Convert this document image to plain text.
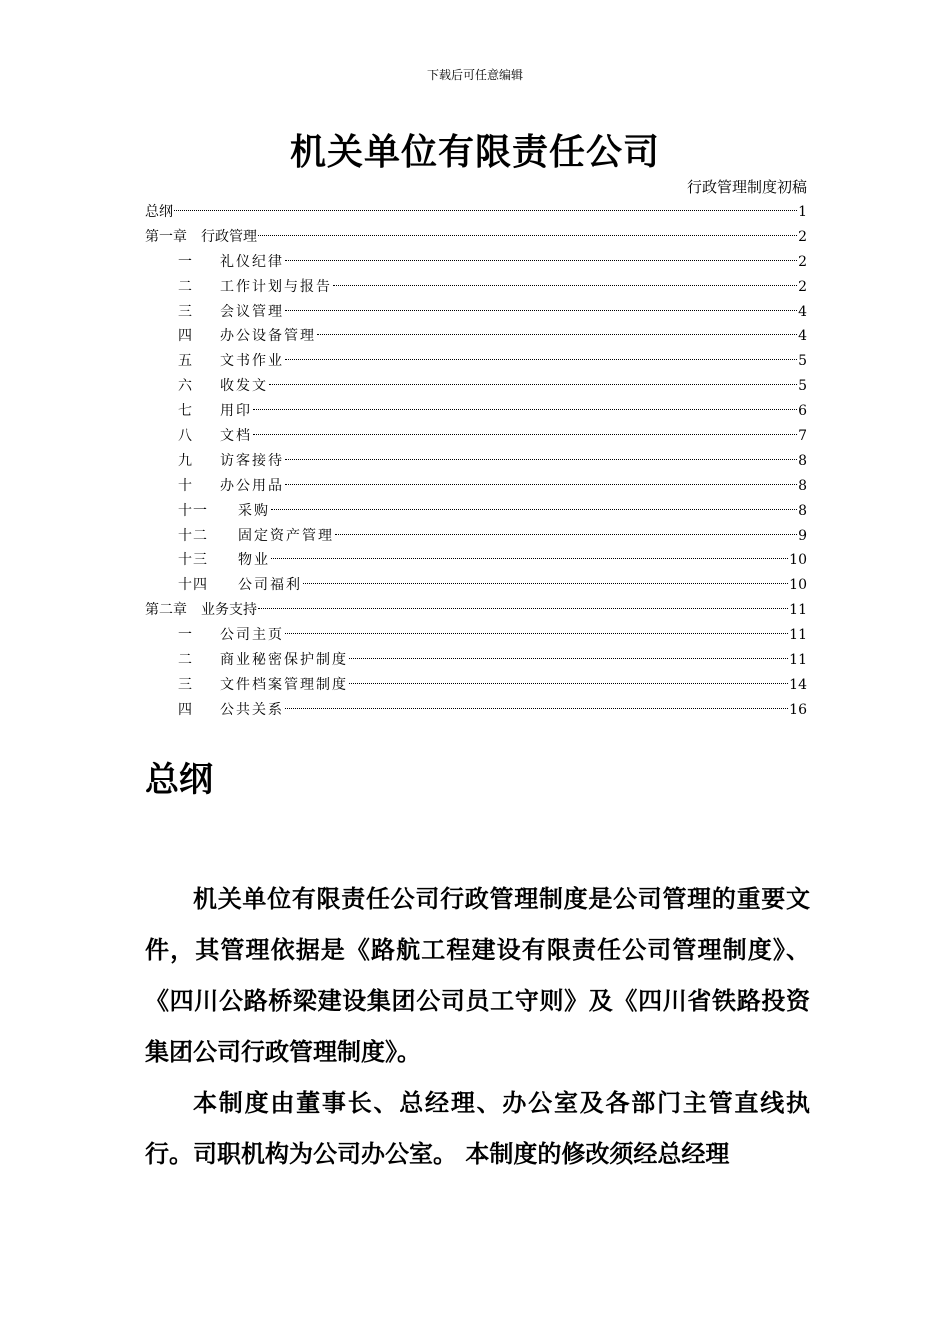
下载后可任意编辑
机关单位有限责任公司
行政管理制度初稿
总纲	1
第一章 行政管理	2
一	礼仪纪律	2
二	工作计划与报告	2
三	会议管理	4
四	办公设备管理	4
五	文书作业	5
六	收发文	5
七	用印	6
八	文档	7
九	访客接待	8
十	办公用品	8
十一	采购	8
十二	固定资产管理	9
十三	物业	10
十四	公司福利	10
第二章 业务支持	11
一	公司主页	11
二	商业秘密保护制度	11
三	文件档案管理制度	14
四	公共关系	16
总纲

机关单位有限责任公司行政管理制度是公司管理的重要文件，其管理依据是《路航工程建设有限责任公司管理制度》、《四川公路桥梁建设集团公司员工守则》及《四川省铁路投资集团公司行政管理制度》。

本制度由董事长、总经理、办公室及各部门主管直线执行。司职机构为公司办公室。 本制度的修改须经总经理
